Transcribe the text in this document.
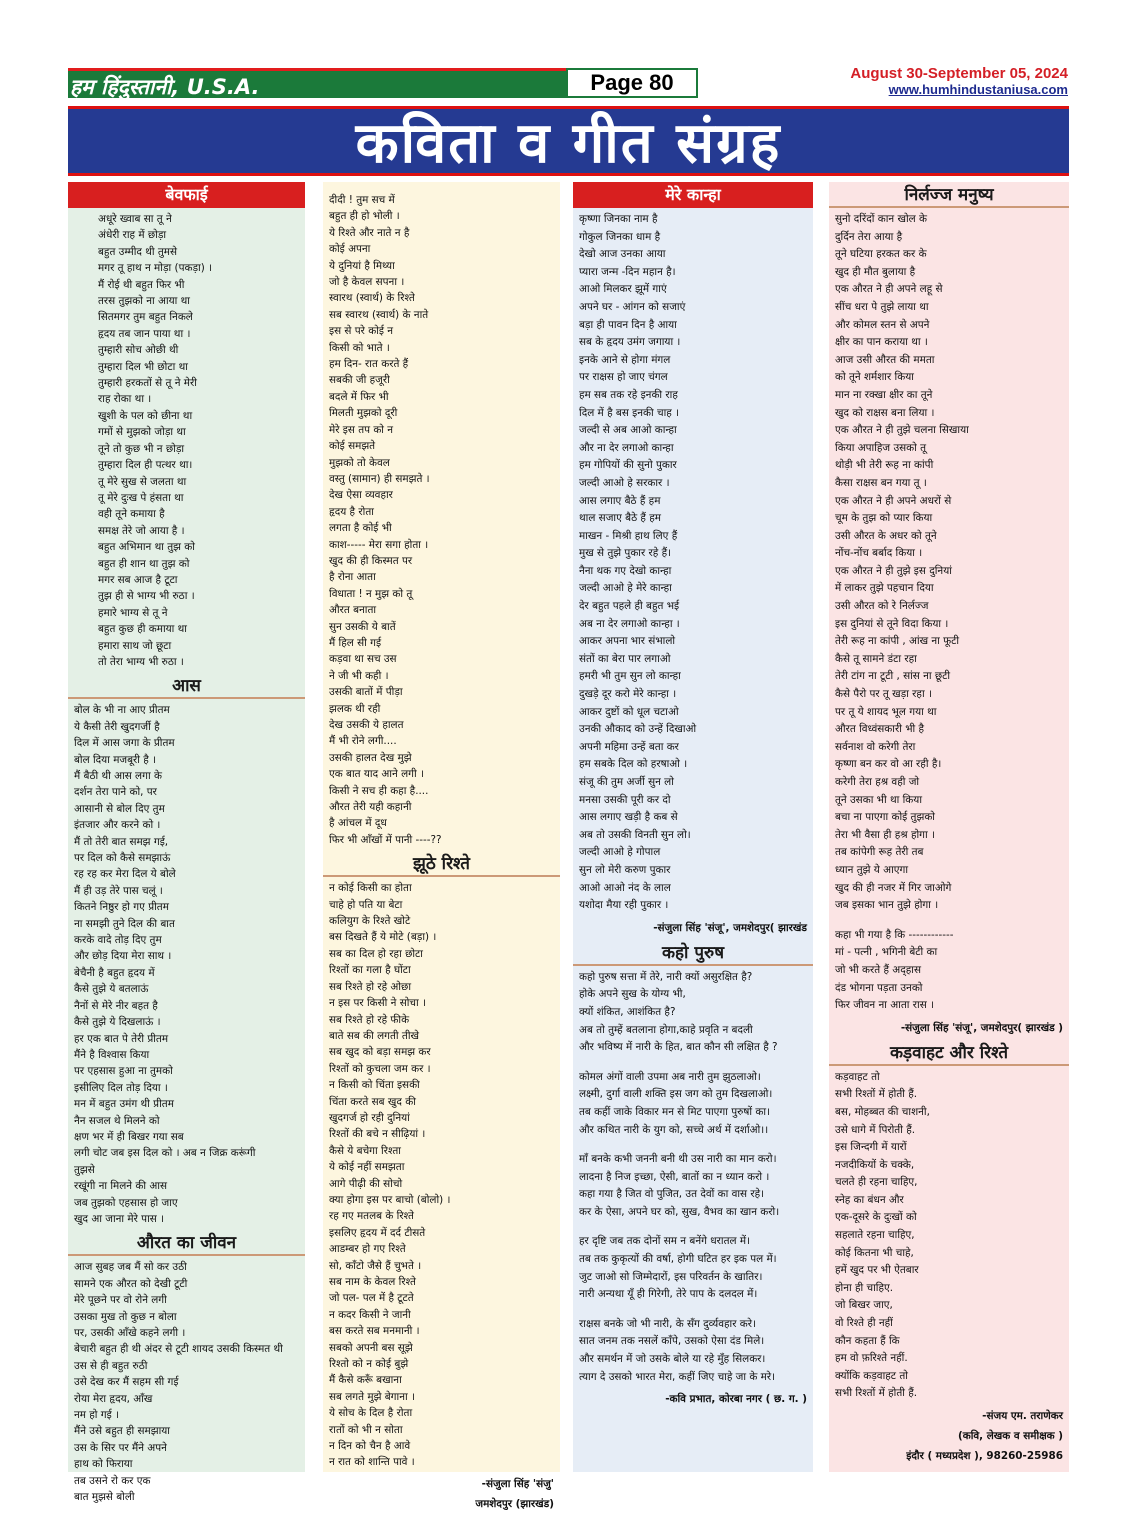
हम हिंदुस्तानी, U.S.A.	Page 80	August 30-September 05, 2024
www.humhindustaniusa.com
कविता व गीत संग्रह
बेवफाई

अधूरे ख्वाब सा तू ने

अंधेरी राह में छोड़ा

बहुत उम्मीद थी तुमसे

मगर तू हाथ न मोड़ा (पकड़ा) ।

मैं रोई थी बहुत फिर भी

तरस तुझको ना आया था

सितमगर तुम बहुत निकले

हृदय तब जान पाया था ।

तुम्हारी सोच ओछी थी

तुम्हारा दिल भी छोटा था

तुम्हारी हरकतों से तू ने मेरी

राह रोका था ।

खुशी के पल को छीना था

गमों से मुझको जोड़ा था

तूने तो कुछ भी न छोड़ा

तुम्हारा दिल ही पत्थर था।

तू मेरे सुख से जलता था

तू मेरे दुःख पे हंसता था

वही तूने कमाया है

समक्ष तेरे जो आया है ।

बहुत अभिमान था तुझ को

बहुत ही शान था तुझ को

मगर सब आज है टूटा

तुझ ही से भाग्य भी रुठा ।

हमारे भाग्य से तू ने

बहुत कुछ ही कमाया था

हमारा साथ जो छूटा

तो तेरा भाग्य भी रुठा ।

आस

बोल के भी ना आए प्रीतम

ये कैसी तेरी खुदगर्जी है

दिल में आस जगा के प्रीतम

बोल दिया मजबूरी है ।

मैं बैठी थी आस लगा के

दर्शन तेरा पाने को, पर

आसानी से बोल दिए तुम

इंतजार और करने को ।

मैं तो तेरी बात समझ गई,

पर दिल को कैसे समझाऊं

रह रह कर मेरा दिल ये बोले

मैं ही उड़ तेरे पास चलूं ।

कितने निष्ठुर हो गए प्रीतम

ना समझी तुने दिल की बात

करके वादे तोड़ दिए तुम

और छोड़ दिया मेरा साथ ।

बेचैनी है बहुत हृदय में

कैसे तुझे ये बतलाऊं

नैनों से मेरे नीर बहत है

कैसे तुझे ये दिखलाऊं ।

हर एक बात पे तेरी प्रीतम

मैंने है विश्वास किया

पर एहसास हुआ ना तुमको

इसीलिए दिल तोड़ दिया ।

मन में बहुत उमंग थी प्रीतम

नैन सजल थे मिलने को

क्षण भर में ही बिखर गया सब

लगी चोट जब इस दिल को । अब न जिक्र करूंगी

तुझसे

रखूंगी ना मिलने की आस

जब तुझको एहसास हो जाए

खुद आ जाना मेरे पास ।

औरत का जीवन

आज सुबह जब मैं सो कर उठी

सामने एक औरत को देखी टूटी

मेरे पूछने पर वो रोने लगी

उसका मुख तो कुछ न बोला

पर, उसकी आँखे कहने लगी ।

बेचारी बहुत ही थी अंदर से टूटी शायद उसकी किस्मत थी

उस से ही बहुत रुठी

उसे देख कर मैं सहम सी गई

रोया मेरा हृदय, आँख

नम हो गई ।

मैंने उसे बहुत ही समझाया

उस के सिर पर मैंने अपने

हाथ को फिराया

तब उसने रो कर एक

बात मुझसे बोली

दीदी ! तुम सच में

बहुत ही हो भोली ।

ये रिश्ते और नाते न है

कोई अपना

ये दुनियां है मिथ्या

जो है केवल सपना ।

स्वारथ (स्वार्थ) के रिश्ते

सब स्वारथ (स्वार्थ) के नाते

इस से परे कोई न

किसी को भाते ।

हम दिन- रात करते हैं

सबकी जी हजूरी

बदले में फिर भी

मिलती मुझको दूरी

मेरे इस तप को न

कोई समझते

मुझको तो केवल

वस्तु (सामान) ही समझते ।

देख ऐसा व्यवहार

हृदय है रोता

लगता है कोई भी

काश----- मेरा सगा होता ।

खुद की ही किस्मत पर

है रोना आता

विधाता ! न मुझ को तू

औरत बनाता

सुन उसकी ये बातें

मैं हिल सी गई

कड़वा था सच उस

ने जी भी कही ।

उसकी बातों में पीड़ा

झलक थी रही

देख उसकी ये हालत

मैं भी रोने लगी....

उसकी हालत देख मुझे

एक बात याद आने लगी ।

किसी ने सच ही कहा है....

औरत तेरी यही कहानी

है आंचल में दूध

फिर भी आँखों में पानी ----??

झूठे रिश्ते

न कोई किसी का होता

चाहे हो पति या बेटा

कलियुग के रिश्ते खोटे

बस दिखते हैं ये मोटे (बड़ा) ।

सब का दिल हो रहा छोटा

रिश्तों का गला है घोंटा

सब रिश्ते हो रहे ओछा

न इस पर किसी ने सोचा ।

सब रिश्ते हो रहे फीके

बाते सब की लगती तीखे

सब खुद को बड़ा समझ कर

रिश्तों को कुचला जम कर ।

न किसी को चिंता इसकी

चिंता करते सब खुद की

खुदगर्ज हो रही दुनियां

रिश्तों की बचे न सीढ़ियां ।

कैसे ये बचेगा रिश्ता

ये कोई नहीं समझता

आगे पीढ़ी की सोचो

क्या होगा इस पर बाचो (बोलो) ।

रह गए मतलब के रिश्ते

इसलिए हृदय में दर्द टीसते

आडम्बर हो गए रिश्ते

सो, काँटो जैसे हैं चुभते ।

सब नाम के केवल रिश्ते

जो पल- पल में है टूटते

न कदर किसी ने जानी

बस करते सब मनमानी ।

सबको अपनी बस सूझे

रिश्तो को न कोई बुझे

मैं कैसे करूँ बखाना

सब लगते मुझे बेगाना ।

ये सोच के दिल है रोता

रातों को भी न सोता

न दिन को चैन है आवे

न रात को शान्ति पावे ।

-संजुला सिंह 'संजु'
जमशेदपुर (झारखंड)
मेरे कान्हा

कृष्णा जिनका नाम है

गोकुल जिनका धाम है

देखो आज उनका आया

प्यारा जन्म -दिन महान है।

आओ मिलकर झूमें गाएं

अपने घर - आंगन को सजाएं

बड़ा ही पावन दिन है आया

सब के हृदय उमंग जगाया ।

इनके आने से होगा मंगल

पर राक्षस हो जाए चंगल

हम सब तक रहे इनकी राह

दिल में है बस इनकी चाह ।

जल्दी से अब आओ कान्हा

और ना देर लगाओ कान्हा

हम गोपियों की सुनो पुकार

जल्दी आओ हे सरकार ।

आस लगाए बैठे हैं हम

थाल सजाए बैठे हैं हम

माखन - मिश्री हाथ लिए हैं

मुख से तुझे पुकार रहे हैं।

नैना थक गए देखो कान्हा

जल्दी आओ हे मेरे कान्हा

देर बहुत पहले ही बहुत भई

अब ना देर लगाओ कान्हा ।

आकर अपना भार संभालो

संतों का बेरा पार लगाओ

हमरी भी तुम सुन लो कान्हा

दुखड़े दूर करो मेरे कान्हा ।

आकर दुष्टों को धूल चटाओ

उनकी औकाद को उन्हें दिखाओ

अपनी महिमा उन्हें बता कर

हम सबके दिल को हरषाओ ।

संजू की तुम अर्जी सुन लो

मनसा उसकी पूरी कर दो

आस लगाए खड़ी है कब से

अब तो उसकी विनती सुन लो।

जल्दी आओ हे गोपाल

सुन लो मेरी करुण पुकार

आओ आओ नंद के लाल

यशोदा मैया रही पुकार ।

-संजुला सिंह 'संजू', जमशेदपुर( झारखंड
कहो पुरुष

कहो पुरुष सत्ता में तेरे, नारी क्यों असुरक्षित है?

होके अपने सुख के योग्य भी,

क्यों शंकित, आशंकित है?

अब तो तुम्हें बतलाना होगा,काहे प्रवृति न बदली

और भविष्य में नारी के हित, बात कौन सी लक्षित है ?

कोमल अंगों वाली उपमा अब नारी तुम झुठलाओ।

लक्ष्मी, दुर्गा वाली शक्ति इस जग को तुम दिखलाओ।

तब कहीं जाके विकार मन से मिट पाएगा पुरुषों का।

और कथित नारी के युग को, सच्चे अर्थ में दर्शाओ।।

माँ बनके कभी जननी बनी थी उस नारी का मान करो।

लादना है निज इच्छा, ऐसी, बातों का न ध्यान करो ।

कहा गया है जित वो पुजित, उत देवों का वास रहे।

कर के ऐसा, अपने घर को, सुख, वैभव का खान करो।

हर दृष्टि जब तक दोनों सम न बनेंगे धरातल में।

तब तक कुकृत्यों की वर्षा, होगी घटित हर इक पल में।

जुट जाओ सो जिम्मेदारों, इस परिवर्तन के खातिर।

नारी अन्यथा यूँ ही गिरेगी, तेरे पाप के दलदल में।

राक्षस बनके जो भी नारी, के सँग दुर्व्यवहार करे।

सात जनम तक नसलें काँपे, उसको ऐसा दंड मिले।

और समर्थन में जो उसके बोले या रहे मुँह सिलकर।

त्याग दे उसको भारत मेरा, कहीं जिए चाहे जा के मरे।

-कवि प्रभात, कोरबा नगर ( छ. ग. )
निर्लज्ज मनुष्य

सुनो दरिंदों कान खोल के

दुर्दिन तेरा आया है

तूने घटिया हरकत कर के

खुद ही मौत बुलाया है

एक औरत ने ही अपने लहू से

सींच धरा पे तुझे लाया था

और कोमल स्तन से अपने

क्षीर का पान कराया था ।

आज उसी औरत की ममता

को तूने शर्मशार किया

मान ना रक्खा क्षीर का तूने

खुद को राक्षस बना लिया ।

एक औरत ने ही तुझे चलना सिखाया

किया अपाहिज उसको तू

थोड़ी भी तेरी रूह ना कांपी

कैसा राक्षस बन गया तू ।

एक औरत ने ही अपने अधरों से

चूम के तुझ को प्यार किया

उसी औरत के अधर को तूने

नोंच-नोंच बर्बाद किया ।

एक औरत ने ही तुझे इस दुनियां

में लाकर तुझे पहचान दिया

उसी औरत को रे निर्लज्ज

इस दुनियां से तूने विदा किया ।

तेरी रूह ना कांपी , आंख ना फूटी

कैसे तू सामने डंटा रहा

तेरी टांग ना टूटी , सांस ना छूटी

कैसे पैरो पर तू खड़ा रहा ।

पर तू ये शायद भूल गया था

औरत विध्वंसकारी भी है

सर्वनाश वो करेगी तेरा

कृष्णा बन कर वो आ रही है।

करेगी तेरा हश्र वही जो

तूने उसका भी था किया

बचा ना पाएगा कोई तुझको

तेरा भी वैसा ही हश्र होगा ।

तब कांपेगी रूह तेरी तब

ध्यान तुझे ये आएगा

खुद की ही नजर में गिर जाओगे

जब इसका भान तुझे होगा ।

कहा भी गया है कि ------------

मां - पत्नी , भगिनी बेटी का

जो भी करते हैं अद्हास

दंड भोगना पड़ता उनको

फिर जीवन ना आता रास ।

-संजुला सिंह 'संजू', जमशेदपुर( झारखंड )
कड़वाहट और रिश्ते

कड़वाहट तो

सभी रिश्तों में होती हैं.

बस, मोहब्बत की चाशनी,

उसे धागे में पिरोती हैं.

इस जिन्दगी में यारों

नजदीकियों के चक्के,

चलते ही रहना चाहिए,

स्नेह का बंधन और

एक-दूसरे के दुःखों को

सहलाते रहना चाहिए,

कोई कितना भी चाहे,

हमें खुद पर भी ऐतबार

होना ही चाहिए.

जो बिखर जाए,

वो रिश्ते ही नहीं

कौन कहता हैं कि

हम वो फ़रिश्ते नहीं.

क्योंकि कड़वाहट तो

सभी रिश्तों में होती हैं.

-संजय एम. तराणेकर
(कवि, लेखक व समीक्षक )
इंदौर ( मध्यप्रदेश ), 98260-25986
